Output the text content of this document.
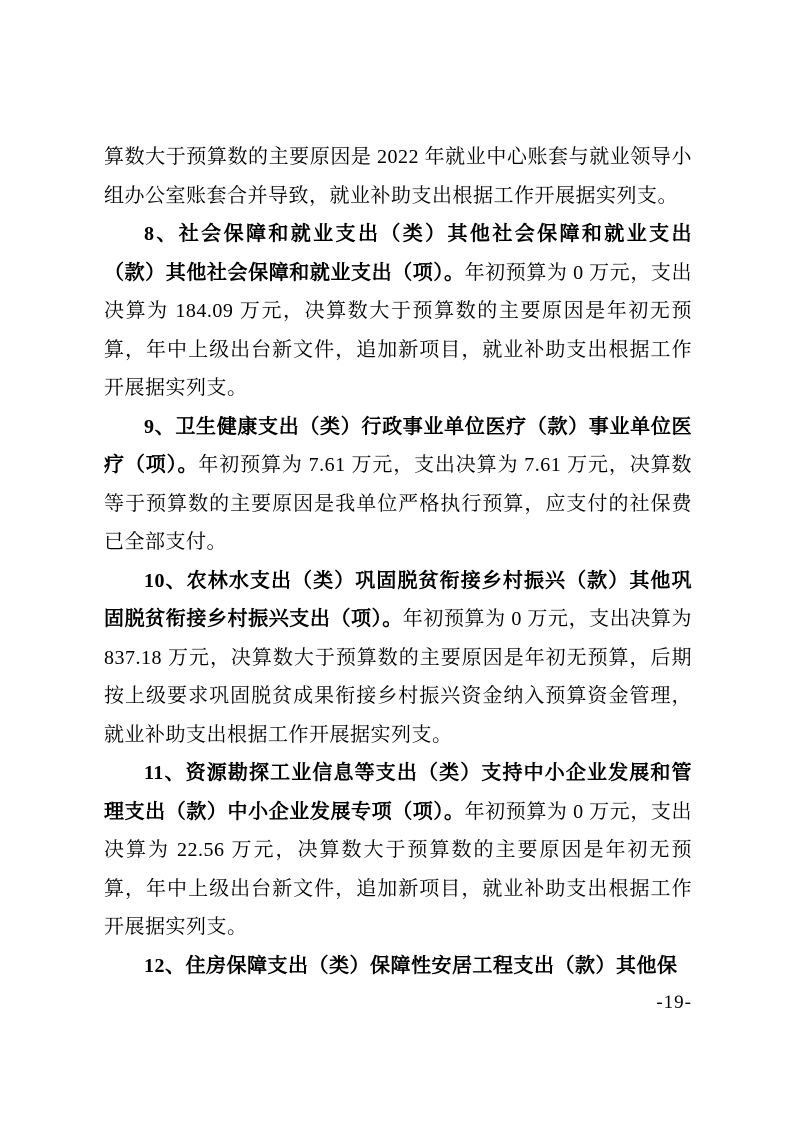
算数大于预算数的主要原因是 2022 年就业中心账套与就业领导小组办公室账套合并导致，就业补助支出根据工作开展据实列支。

8、社会保障和就业支出（类）其他社会保障和就业支出（款）其他社会保障和就业支出（项）。年初预算为 0 万元，支出决算为 184.09 万元，决算数大于预算数的主要原因是年初无预算，年中上级出台新文件，追加新项目，就业补助支出根据工作开展据实列支。

9、卫生健康支出（类）行政事业单位医疗（款）事业单位医疗（项）。年初预算为 7.61 万元，支出决算为 7.61 万元，决算数等于预算数的主要原因是我单位严格执行预算，应支付的社保费已全部支付。

10、农林水支出（类）巩固脱贫衔接乡村振兴（款）其他巩固脱贫衔接乡村振兴支出（项）。年初预算为 0 万元，支出决算为 837.18 万元，决算数大于预算数的主要原因是年初无预算，后期按上级要求巩固脱贫成果衔接乡村振兴资金纳入预算资金管理，就业补助支出根据工作开展据实列支。

11、资源勘探工业信息等支出（类）支持中小企业发展和管理支出（款）中小企业发展专项（项）。年初预算为 0 万元，支出决算为 22.56 万元，决算数大于预算数的主要原因是年初无预算，年中上级出台新文件，追加新项目，就业补助支出根据工作开展据实列支。

12、住房保障支出（类）保障性安居工程支出（款）其他保

-19-
